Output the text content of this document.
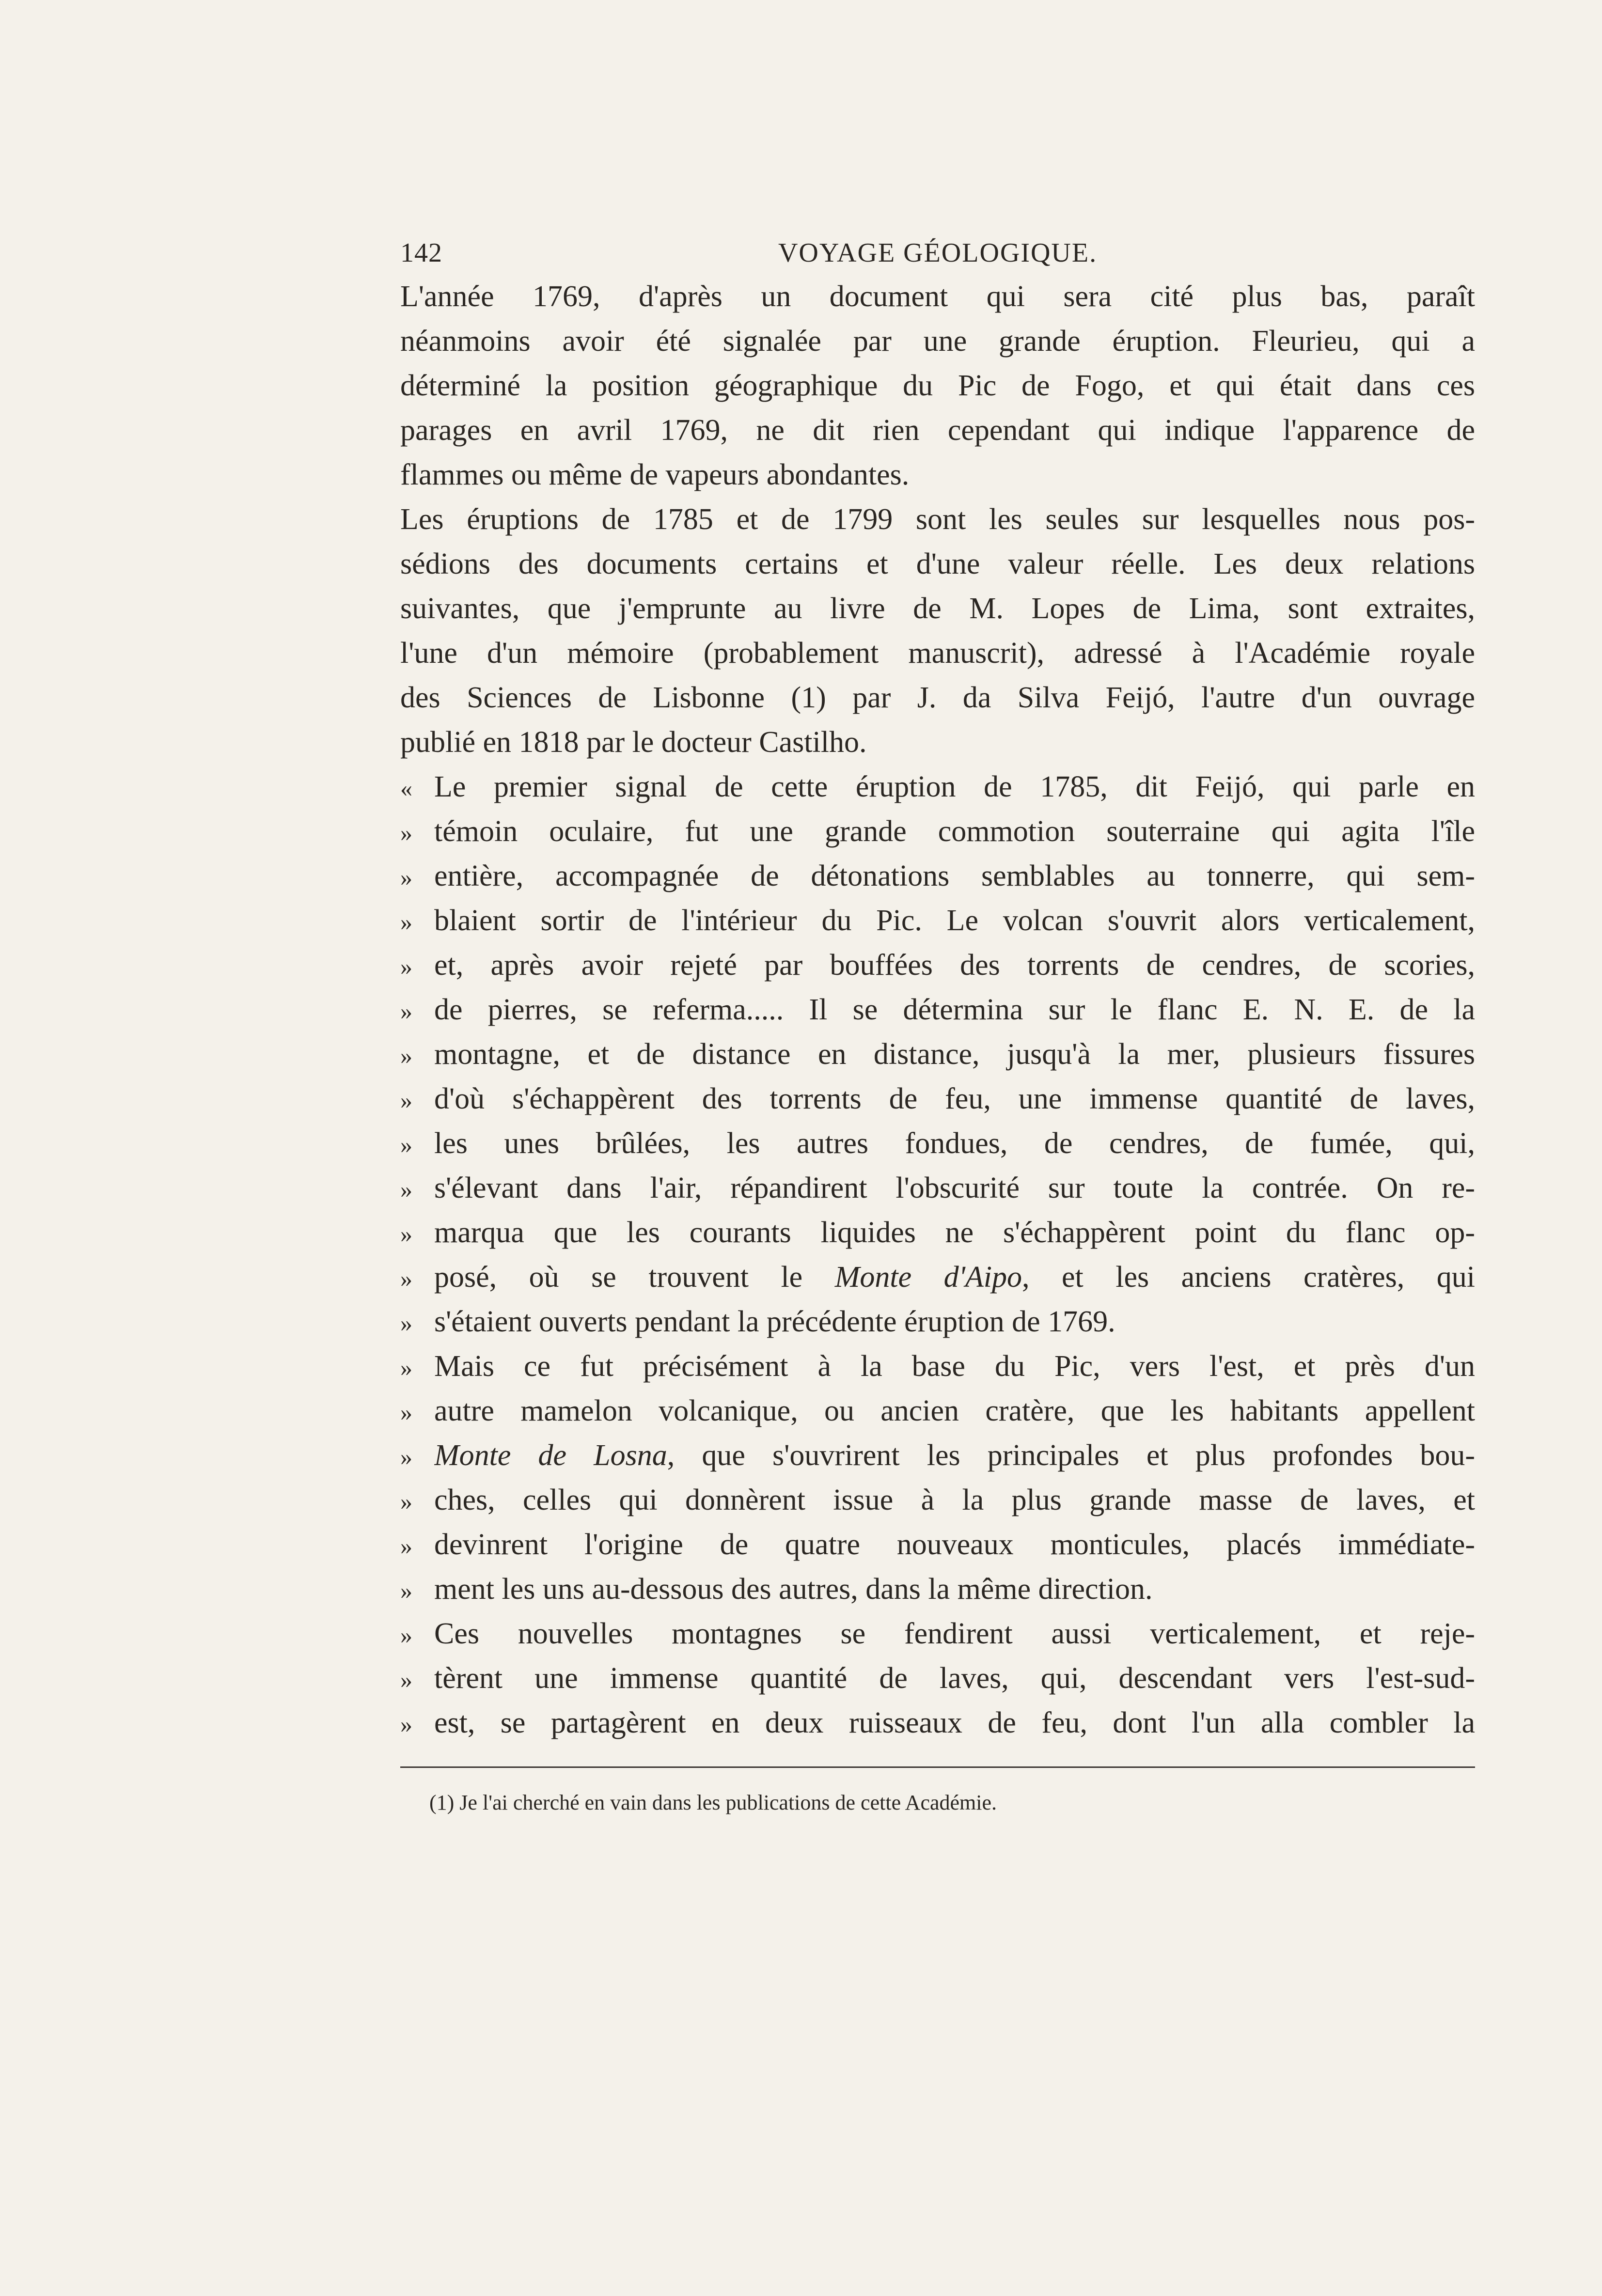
142	VOYAGE GÉOLOGIQUE.
L'année 1769, d'après un document qui sera cité plus bas, paraît
néanmoins avoir été signalée par une grande éruption. Fleurieu, qui a
déterminé la position géographique du Pic de Fogo, et qui était dans ces
parages en avril 1769, ne dit rien cependant qui indique l'apparence de
flammes ou même de vapeurs abondantes.
Les éruptions de 1785 et de 1799 sont les seules sur lesquelles nous pos-
sédions des documents certains et d'une valeur réelle. Les deux relations
suivantes, que j'emprunte au livre de M. Lopes de Lima, sont extraites,
l'une d'un mémoire (probablement manuscrit), adressé à l'Académie royale
des Sciences de Lisbonne (1) par J. da Silva Feijó, l'autre d'un ouvrage
publié en 1818 par le docteur Castilho.
« Le premier signal de cette éruption de 1785, dit Feijó, qui parle en
» témoin oculaire, fut une grande commotion souterraine qui agita l'île
» entière, accompagnée de détonations semblables au tonnerre, qui sem-
» blaient sortir de l'intérieur du Pic. Le volcan s'ouvrit alors verticalement,
» et, après avoir rejeté par bouffées des torrents de cendres, de scories,
» de pierres, se referma..... Il se détermina sur le flanc E. N. E. de la
» montagne, et de distance en distance, jusqu'à la mer, plusieurs fissures
» d'où s'échappèrent des torrents de feu, une immense quantité de laves,
» les unes brûlées, les autres fondues, de cendres, de fumée, qui,
» s'élevant dans l'air, répandirent l'obscurité sur toute la contrée. On re-
» marqua que les courants liquides ne s'échappèrent point du flanc op-
» posé, où se trouvent le Monte d'Aipo, et les anciens cratères, qui
» s'étaient ouverts pendant la précédente éruption de 1769.
» Mais ce fut précisément à la base du Pic, vers l'est, et près d'un
» autre mamelon volcanique, ou ancien cratère, que les habitants appellent
» Monte de Losna, que s'ouvrirent les principales et plus profondes bou-
» ches, celles qui donnèrent issue à la plus grande masse de laves, et
» devinrent l'origine de quatre nouveaux monticules, placés immédiate-
» ment les uns au-dessous des autres, dans la même direction.
» Ces nouvelles montagnes se fendirent aussi verticalement, et reje-
» tèrent une immense quantité de laves, qui, descendant vers l'est-sud-
» est, se partagèrent en deux ruisseaux de feu, dont l'un alla combler la
(1) Je l'ai cherché en vain dans les publications de cette Académie.
